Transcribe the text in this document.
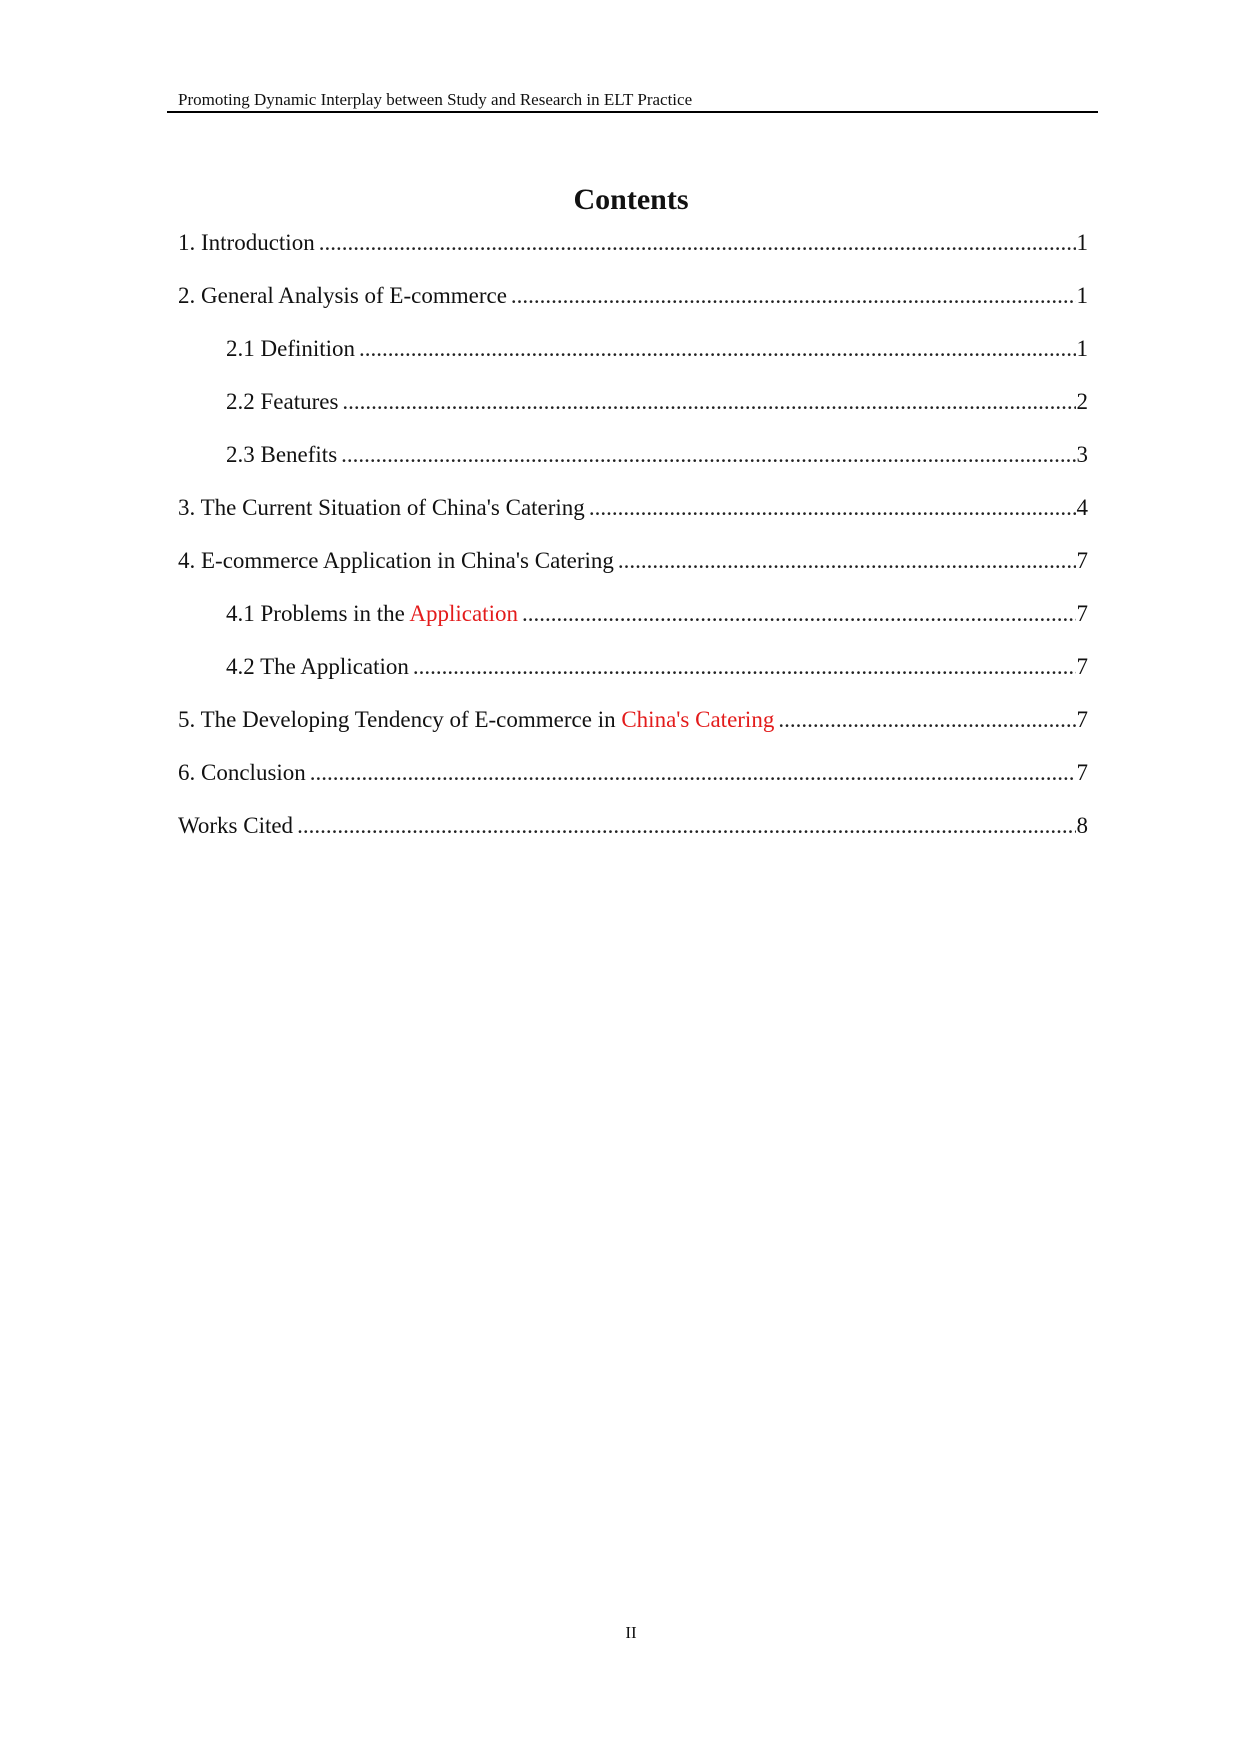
Promoting Dynamic Interplay between Study and Research in ELT Practice
Contents
1. Introduction .....	1
2. General Analysis of E-commerce .....	1
2.1 Definition .....	1
2.2 Features .....	2
2.3 Benefits .....	3
3. The Current Situation of China's Catering .....	4
4. E-commerce Application in China's Catering .....	7
4.1 Problems in the Application .....	7
4.2 The Application .....	7
5. The Developing Tendency of E-commerce in China's Catering .....	7
6. Conclusion .....	7
Works Cited .....	8
II
